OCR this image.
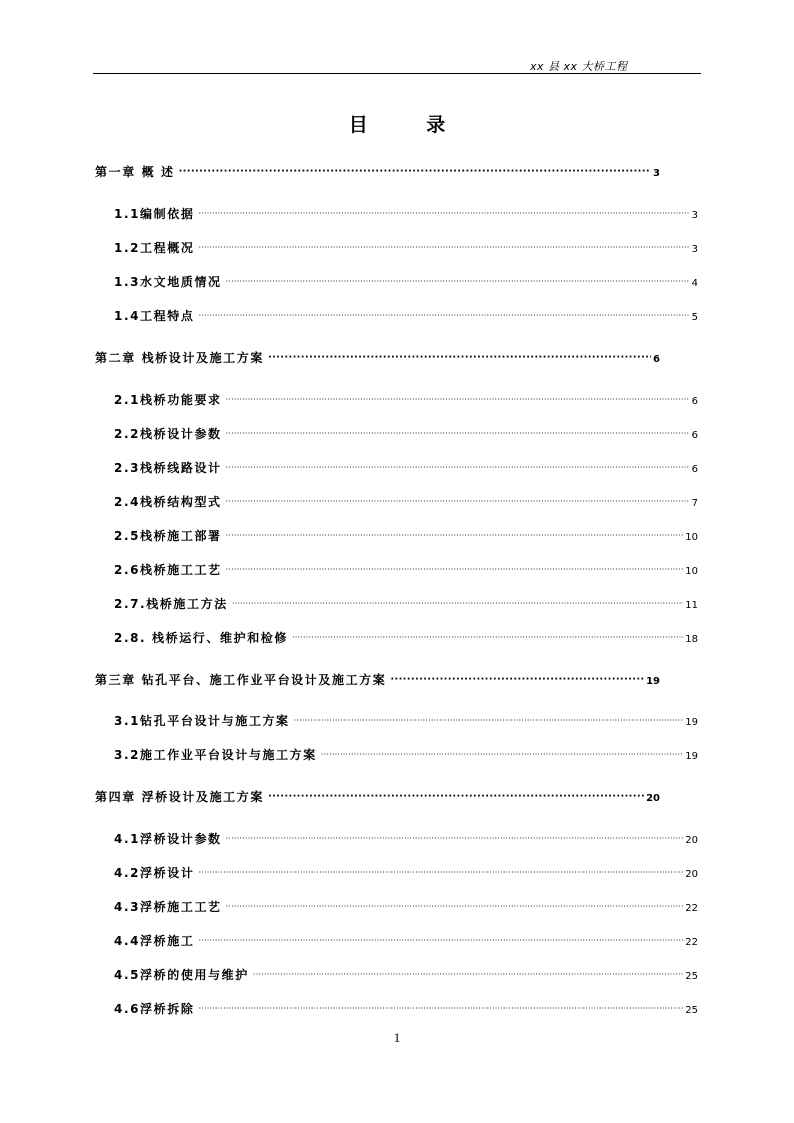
xx 县 xx 大桥工程
目 录
第一章 概 述 ·····	3
1.1编制依据 ·····	3
1.2工程概况 ·····	3
1.3水文地质情况 ·····	4
1.4工程特点 ·····	5
第二章 栈桥设计及施工方案 ·····	6
2.1栈桥功能要求 ·····	6
2.2栈桥设计参数 ·····	6
2.3栈桥线路设计 ·····	6
2.4栈桥结构型式 ·····	7
2.5栈桥施工部署 ·····	10
2.6栈桥施工工艺 ·····	10
2.7.栈桥施工方法 ·····	11
2.8. 栈桥运行、维护和检修 ·····	18
第三章 钻孔平台、施工作业平台设计及施工方案 ·····	19
3.1钻孔平台设计与施工方案 ·····	19
3.2施工作业平台设计与施工方案 ·····	19
第四章 浮桥设计及施工方案 ·····	20
4.1浮桥设计参数 ·····	20
4.2浮桥设计 ·····	20
4.3浮桥施工工艺 ·····	22
4.4浮桥施工 ·····	22
4.5浮桥的使用与维护 ·····	25
4.6浮桥拆除 ·····	25
1
